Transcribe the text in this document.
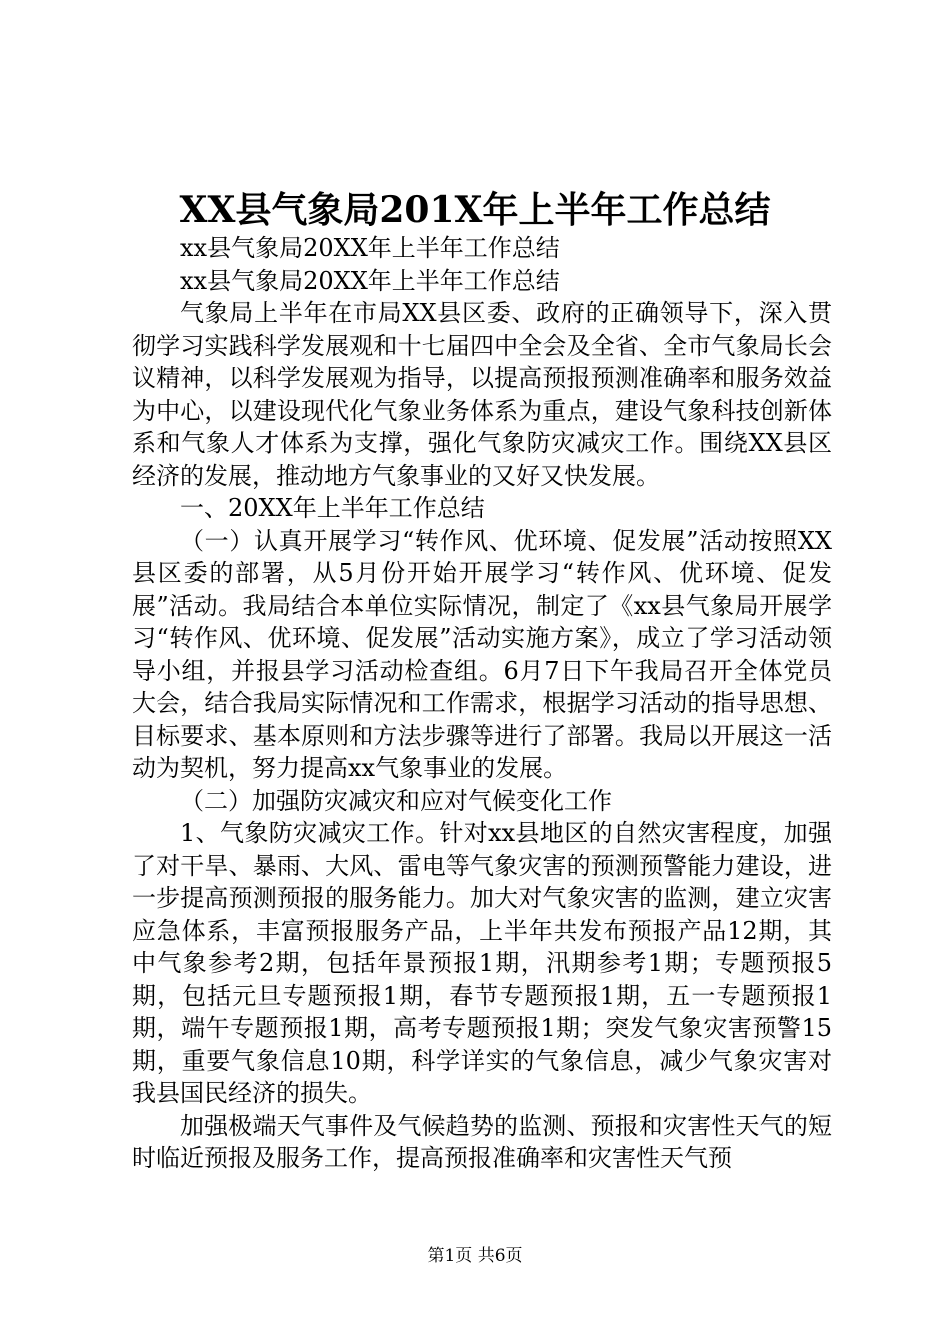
XX县气象局201X年上半年工作总结

xx县气象局20XX年上半年工作总结

xx县气象局20XX年上半年工作总结

气象局上半年在市局XX县区委、政府的正确领导下，深入贯彻学习实践科学发展观和十七届四中全会及全省、全市气象局长会议精神，以科学发展观为指导，以提高预报预测准确率和服务效益为中心，以建设现代化气象业务体系为重点，建设气象科技创新体系和气象人才体系为支撑，强化气象防灾减灾工作。围绕XX县区经济的发展，推动地方气象事业的又好又快发展。

一、20XX年上半年工作总结

（一）认真开展学习“转作风、优环境、促发展”活动按照XX县区委的部署，从5月份开始开展学习“转作风、优环境、促发展”活动。我局结合本单位实际情况，制定了《xx县气象局开展学习“转作风、优环境、促发展”活动实施方案》，成立了学习活动领导小组，并报县学习活动检查组。6月7日下午我局召开全体党员大会，结合我局实际情况和工作需求，根据学习活动的指导思想、目标要求、基本原则和方法步骤等进行了部署。我局以开展这一活动为契机，努力提高xx气象事业的发展。

（二）加强防灾减灾和应对气候变化工作

1、气象防灾减灾工作。针对xx县地区的自然灾害程度，加强了对干旱、暴雨、大风、雷电等气象灾害的预测预警能力建设，进一步提高预测预报的服务能力。加大对气象灾害的监测，建立灾害应急体系，丰富预报服务产品，上半年共发布预报产品12期，其中气象参考2期，包括年景预报1期，汛期参考1期；专题预报5期，包括元旦专题预报1期，春节专题预报1期，五一专题预报1期，端午专题预报1期，高考专题预报1期；突发气象灾害预警15期，重要气象信息10期，科学详实的气象信息，减少气象灾害对我县国民经济的损失。

加强极端天气事件及气候趋势的监测、预报和灾害性天气的短时临近预报及服务工作，提高预报准确率和灾害性天气预

第1页 共6页
